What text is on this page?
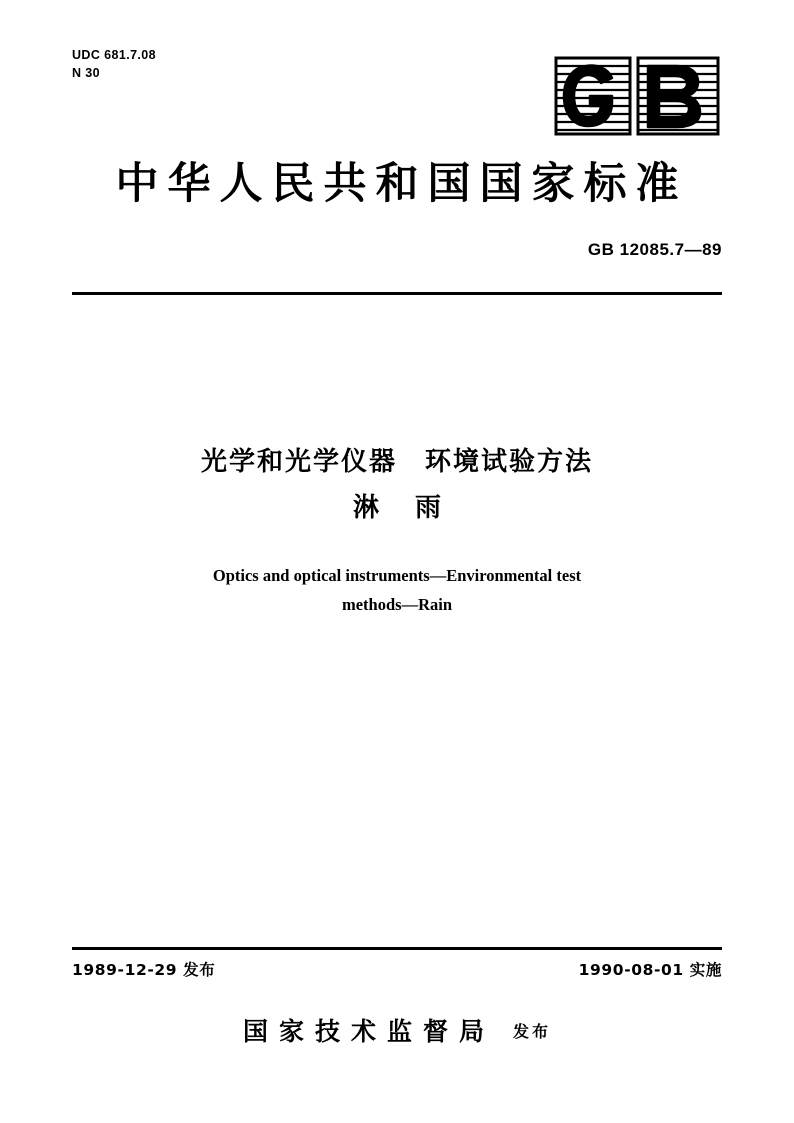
UDC 681.7.08
N 30
中华人民共和国国家标准
GB 12085.7—89
光学和光学仪器　环境试验方法
淋雨
Optics and optical instruments—Environmental test
methods—Rain
1989-12-29 发布	1990-08-01 实施
国家技术监督局 发布
